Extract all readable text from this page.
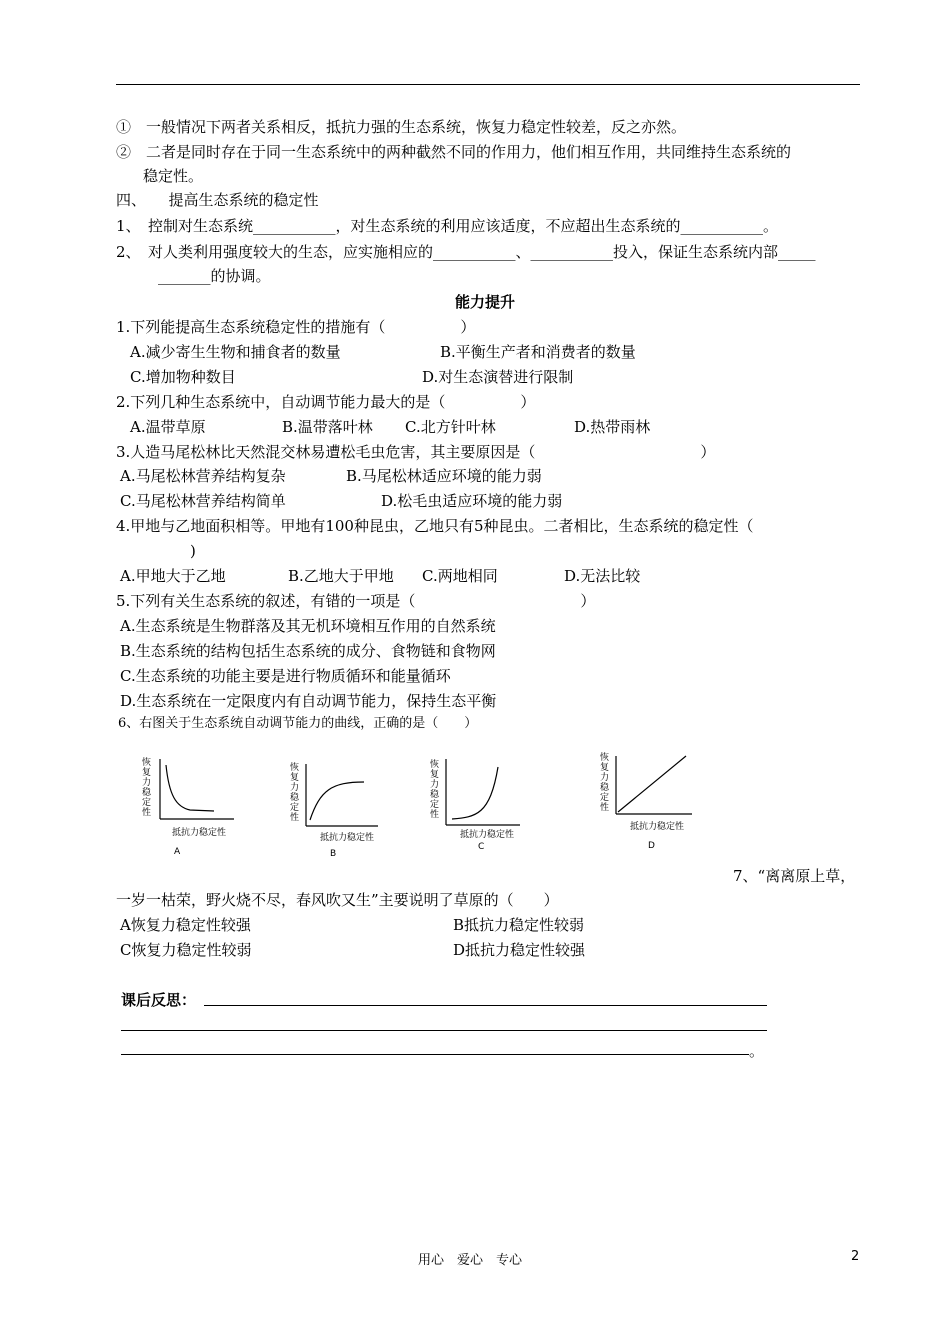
①　一般情况下两者关系相反，抵抗力强的生态系统，恢复力稳定性较差，反之亦然。
②　二者是同时存在于同一生态系统中的两种截然不同的作用力，他们相互作用，共同维持生态系统的
稳定性。
四、　　提高生态系统的稳定性
1、　控制对生态系统___________，对生态系统的利用应该适度，不应超出生态系统的___________。
2、　对人类利用强度较大的生态，应实施相应的___________、___________投入，保证生态系统内部_____
_______的协调。
能力提升
1.下列能提高生态系统稳定性的措施有（　　　　　）
A.减少寄生生物和捕食者的数量	B.平衡生产者和消费者的数量
C.增加物种数目	D.对生态演替进行限制
2.下列几种生态系统中，自动调节能力最大的是（　　　　　）
A.温带草原	B.温带落叶林 C.北方针叶林	D.热带雨林
3.人造马尾松林比天然混交林易遭松毛虫危害，其主要原因是（　　　　　　　　　　　）
A.马尾松林营养结构复杂	B.马尾松林适应环境的能力弱
C.马尾松林营养结构简单	D.松毛虫适应环境的能力弱
4.甲地与乙地面积相等。甲地有100种昆虫，乙地只有5种昆虫。二者相比，生态系统的稳定性（
)
A.甲地大于乙地	B.乙地大于甲地 C.两地相同	D.无法比较
5.下列有关生态系统的叙述，有错的一项是（　　　　　　　　　　　）
A.生态系统是生物群落及其无机环境相互作用的自然系统
B.生态系统的结构包括生态系统的成分、食物链和食物网
C.生态系统的功能主要是进行物质循环和能量循环
D.生态系统在一定限度内有自动调节能力，保持生态平衡
6、右图关于生态系统自动调节能力的曲线，正确的是（　　）
恢
复
力
稳
定
性
抵抗力稳定性
A
恢
复
力
稳
定
性
抵抗力稳定性
B
恢
复
力
稳
定
性
抵抗力稳定性
C
恢
复
力
稳
定
性
抵抗力稳定性
D
7、“离离原上草，
一岁一枯荣，野火烧不尽，春风吹又生”主要说明了草原的（　　）
A恢复力稳定性较强	B抵抗力稳定性较弱
C恢复力稳定性较弱	D抵抗力稳定性较强
课后反思：
。
用心　爱心　专心	2
